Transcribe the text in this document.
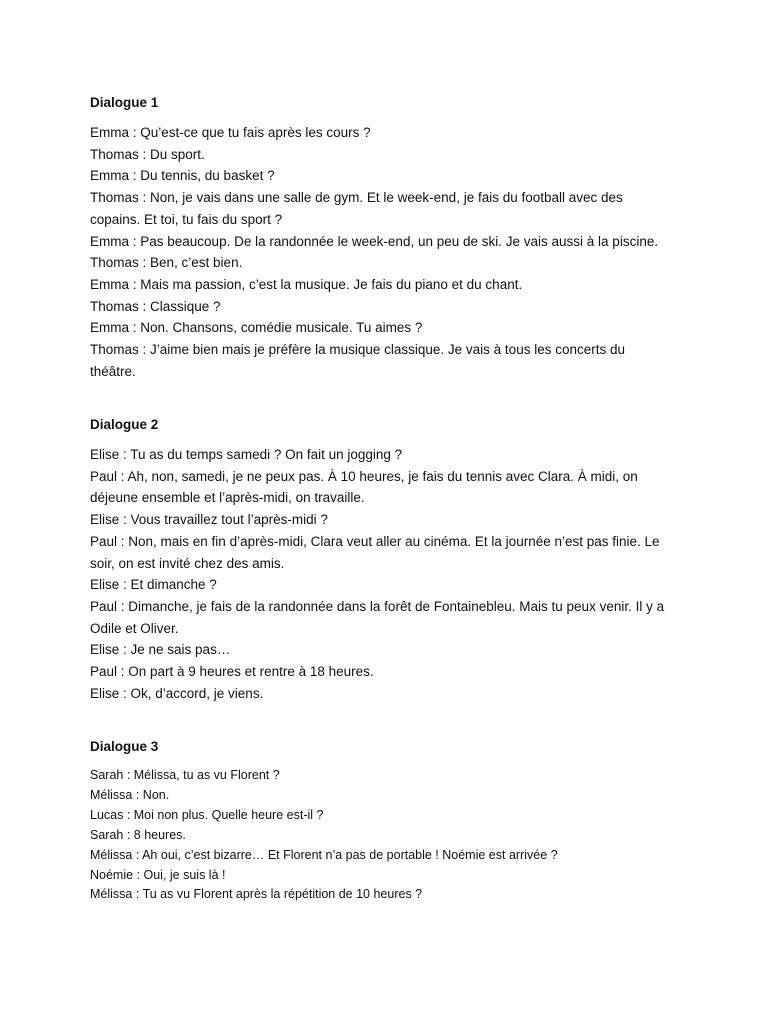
Dialogue 1
Emma : Qu’est-ce que tu fais après les cours ?
Thomas : Du sport.
Emma : Du tennis, du basket ?
Thomas : Non, je vais dans une salle de gym. Et le week-end, je fais du football avec des
copains. Et toi, tu fais du sport ?
Emma : Pas beaucoup. De la randonnée le week-end, un peu de ski. Je vais aussi à la piscine.
Thomas : Ben, c’est bien.
Emma : Mais ma passion, c’est la musique. Je fais du piano et du chant.
Thomas : Classique ?
Emma : Non. Chansons, comédie musicale. Tu aimes ?
Thomas : J’aime bien mais je préfère la musique classique. Je vais à tous les concerts du
théâtre.
Dialogue 2
Elise : Tu as du temps samedi ? On fait un jogging ?
Paul : Ah, non, samedi, je ne peux pas. À 10 heures, je fais du tennis avec Clara. À midi, on
déjeune ensemble et l’après-midi, on travaille.
Elise : Vous travaillez tout l’après-midi ?
Paul : Non, mais en fin d’après-midi, Clara veut aller au cinéma. Et la journée n’est pas finie. Le
soir, on est invité chez des amis.
Elise : Et dimanche ?
Paul : Dimanche, je fais de la randonnée dans la forêt de Fontainebleu. Mais tu peux venir. Il y a
Odile et Oliver.
Elise : Je ne sais pas…
Paul : On part à 9 heures et rentre à 18 heures.
Elise : Ok, d’accord, je viens.
Dialogue 3
Sarah : Mélissa, tu as vu Florent ?
Mélissa : Non.
Lucas : Moi non plus. Quelle heure est-il ?
Sarah : 8 heures.
Mélissa : Ah oui, c’est bizarre… Et Florent n’a pas de portable ! Noémie est arrivée ?
Noémie : Oui, je suis là !
Mélissa : Tu as vu Florent après la répétition de 10 heures ?
